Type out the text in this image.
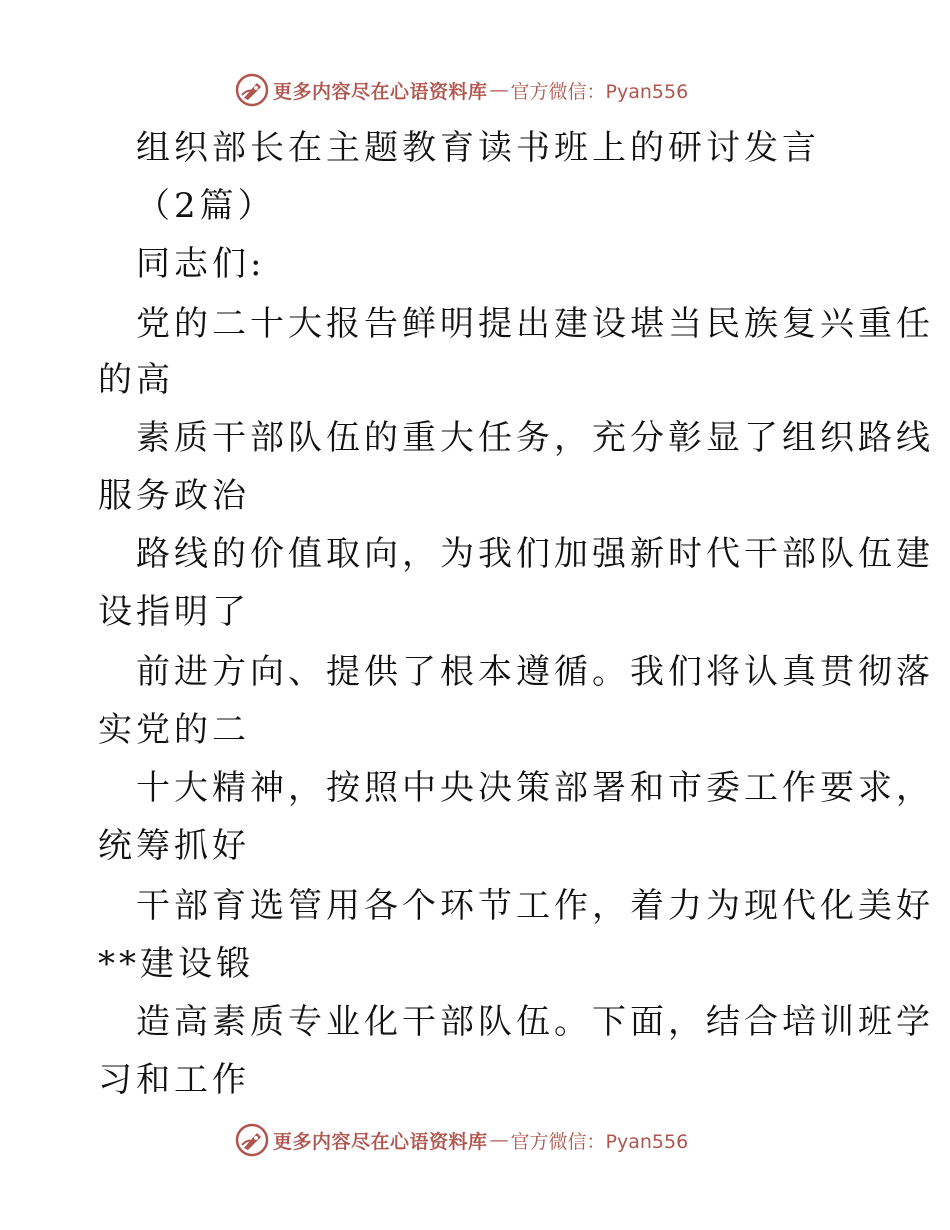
更多内容尽在心语资料库 — 官方微信：Pyan556
组织部长在主题教育读书班上的研讨发言
（2篇）
同志们:
党的二十大报告鲜明提出建设堪当民族复兴重任
的高
素质干部队伍的重大任务，充分彰显了组织路线
服务政治
路线的价值取向，为我们加强新时代干部队伍建
设指明了
前进方向、提供了根本遵循。我们将认真贯彻落
实党的二
十大精神，按照中央决策部署和市委工作要求，
统筹抓好
干部育选管用各个环节工作，着力为现代化美好
**建设锻
造高素质专业化干部队伍。下面，结合培训班学
习和工作
更多内容尽在心语资料库 — 官方微信：Pyan556
